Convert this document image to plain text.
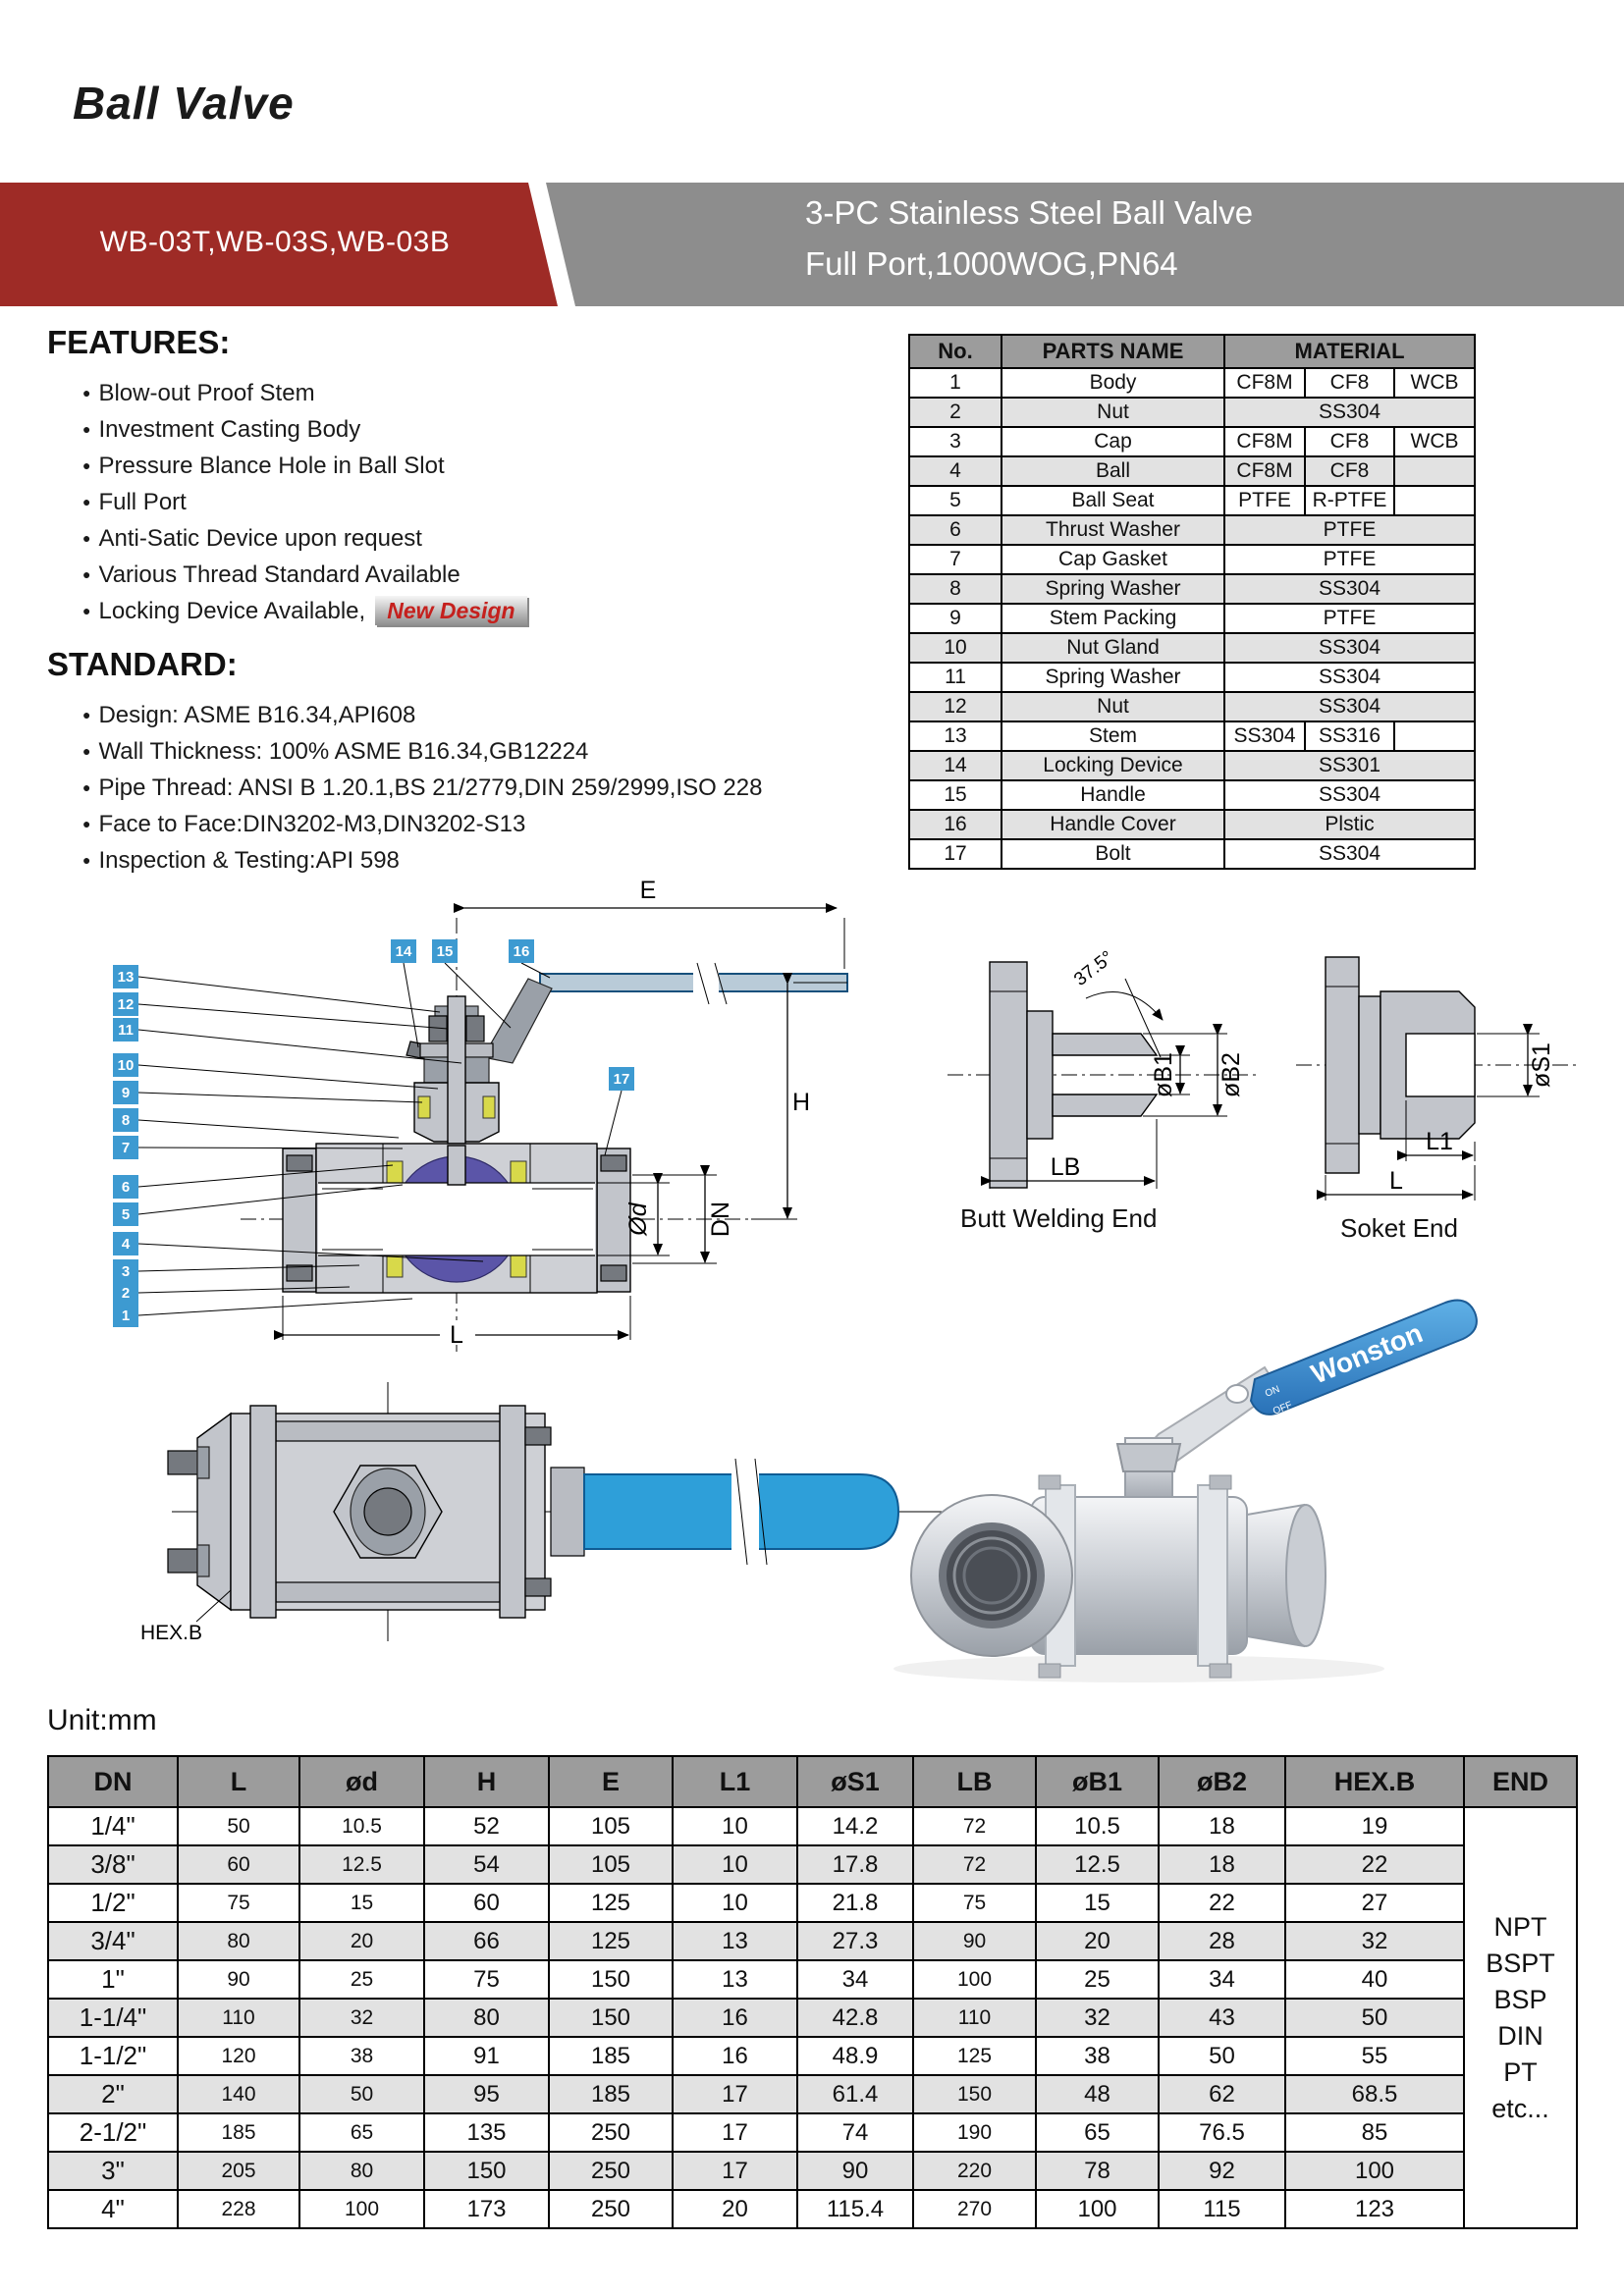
Ball Valve
WB-03T,WB-03S,WB-03B
3-PC Stainless Steel Ball Valve
Full Port,1000WOG,PN64
FEATURES:
● Blow-out Proof Stem
● Investment Casting Body
● Pressure Blance Hole in Ball Slot
● Full Port
● Anti-Satic Device upon request
● Various Thread Standard Available
● Locking Device Available, New Design
STANDARD:
● Design: ASME B16.34,API608
● Wall Thickness: 100% ASME B16.34,GB12224
● Pipe Thread: ANSI B 1.20.1,BS 21/2779,DIN 259/2999,ISO 228
● Face to Face:DIN3202-M3,DIN3202-S13
● Inspection & Testing:API 598
No.	PARTS NAME	MATERIAL		
1	Body	CF8M	CF8	WCB
2	Nut	SS304		
3	Cap	CF8M	CF8	WCB
4	Ball	CF8M	CF8	
5	Ball Seat	PTFE	R-PTFE	
6	Thrust Washer	PTFE		
7	Cap Gasket	PTFE		
8	Spring Washer	SS304		
9	Stem Packing	PTFE		
10	Nut Gland	SS304		
11	Spring Washer	SS304		
12	Nut	SS304		
13	Stem	SS304	SS316	
14	Locking Device	SS301		
15	Handle	SS304		
16	Handle Cover	Plstic		
17	Bolt	SS304		
E
Ød DN
H
L
13
12
11
10
9
8
7
6
5
4
3
2
1
14 15	16
17
37.5°
øB1 øB2
LB
Butt Welding End
øS1
L1
L
Soket End
HEX.B
Wonston
ON
OFF
Unit:mm
DN	L	ød	H	E	L1	øS1	LB	øB1	øB2	HEX.B	END
1/4"	50	10.5	52	105	10	14.2	72	10.5	18	19	
NPT
BSPT
BSP
DIN
PT
etc...

3/8"	60	12.5	54	105	10	17.8	72	12.5	18	22	
1/2"	75	15	60	125	10	21.8	75	15	22	27	
3/4"	80	20	66	125	13	27.3	90	20	28	32	
1"	90	25	75	150	13	34	100	25	34	40	
1-1/4"	110	32	80	150	16	42.8	110	32	43	50	
1-1/2"	120	38	91	185	16	48.9	125	38	50	55	
2"	140	50	95	185	17	61.4	150	48	62	68.5	
2-1/2"	185	65	135	250	17	74	190	65	76.5	85	
3"	205	80	150	250	17	90	220	78	92	100	
4"	228	100	173	250	20	115.4	270	100	115	123	
